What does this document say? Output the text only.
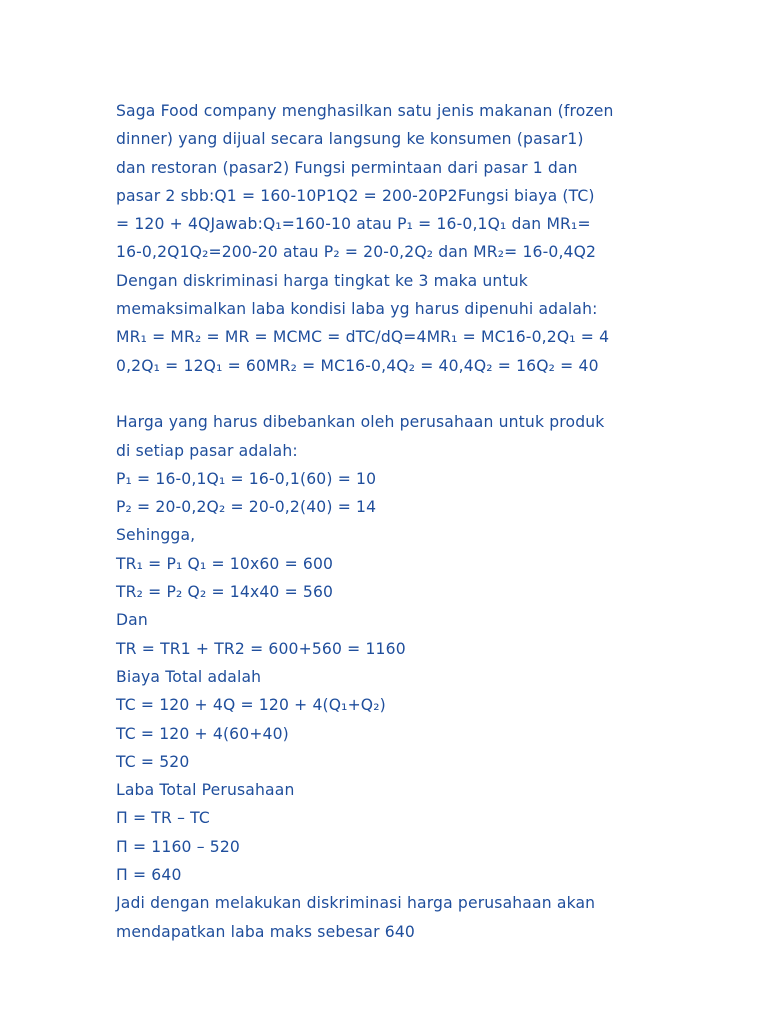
Saga Food company menghasilkan satu jenis makanan (frozen
dinner) yang dijual secara langsung ke konsumen (pasar1)
dan restoran (pasar2) Fungsi permintaan dari pasar 1 dan
pasar 2 sbb:Q1 = 160-10P1Q2 = 200-20P2Fungsi biaya (TC)
= 120 + 4QJawab:Q₁=160-10 atau P₁ = 16-0,1Q₁ dan MR₁=
16-0,2Q1Q₂=200-20 atau P₂ = 20-0,2Q₂ dan MR₂= 16-0,4Q2
Dengan diskriminasi harga tingkat ke 3 maka untuk
memaksimalkan laba kondisi laba yg harus dipenuhi adalah:
MR₁ = MR₂ = MR = MCMC = dTC/dQ=4MR₁ = MC16-0,2Q₁ = 4
0,2Q₁ = 12Q₁ = 60MR₂ = MC16-0,4Q₂ = 40,4Q₂ = 16Q₂ = 40
Harga yang harus dibebankan oleh perusahaan untuk produk
di setiap pasar adalah:
P₁ = 16-0,1Q₁ = 16-0,1(60) = 10
P₂ = 20-0,2Q₂ = 20-0,2(40) = 14
Sehingga,
TR₁ = P₁ Q₁ = 10x60 = 600
TR₂ = P₂ Q₂ = 14x40 = 560
Dan
TR = TR1 + TR2 = 600+560 = 1160
Biaya Total adalah
TC = 120 + 4Q = 120 + 4(Q₁+Q₂)
TC = 120 + 4(60+40)
TC = 520
Laba Total Perusahaan
Π = TR – TC
Π = 1160 – 520
Π = 640
Jadi dengan melakukan diskriminasi harga perusahaan akan
mendapatkan laba maks sebesar 640
